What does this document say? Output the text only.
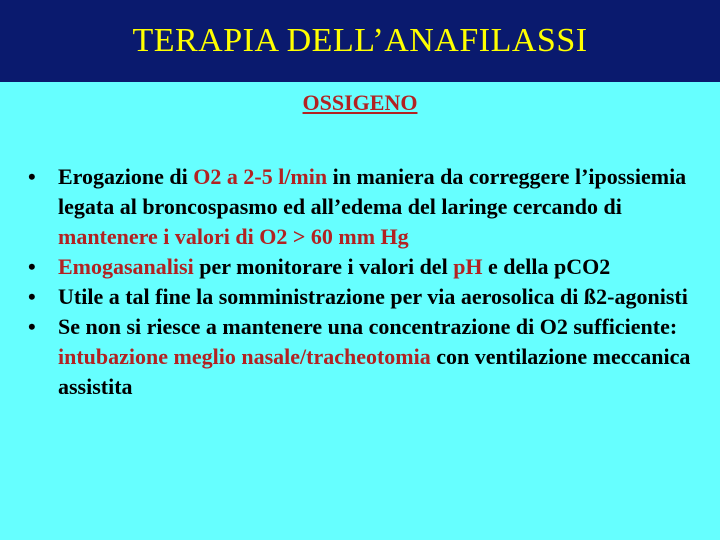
TERAPIA DELL’ANAFILASSI
OSSIGENO
•	Erogazione di O2 a 2-5 l/min in maniera da correggere l’ipossiemia legata al broncospasmo ed all’edema del laringe cercando di mantenere i valori di O2 > 60 mm Hg
•	Emogasanalisi per monitorare i valori del pH e della pCO2
•	Utile a tal fine la somministrazione per via aerosolica di ß2-agonisti
•	Se non si riesce a mantenere una concentrazione di O2 sufficiente: intubazione meglio nasale/tracheotomia con ventilazione meccanica assistita
